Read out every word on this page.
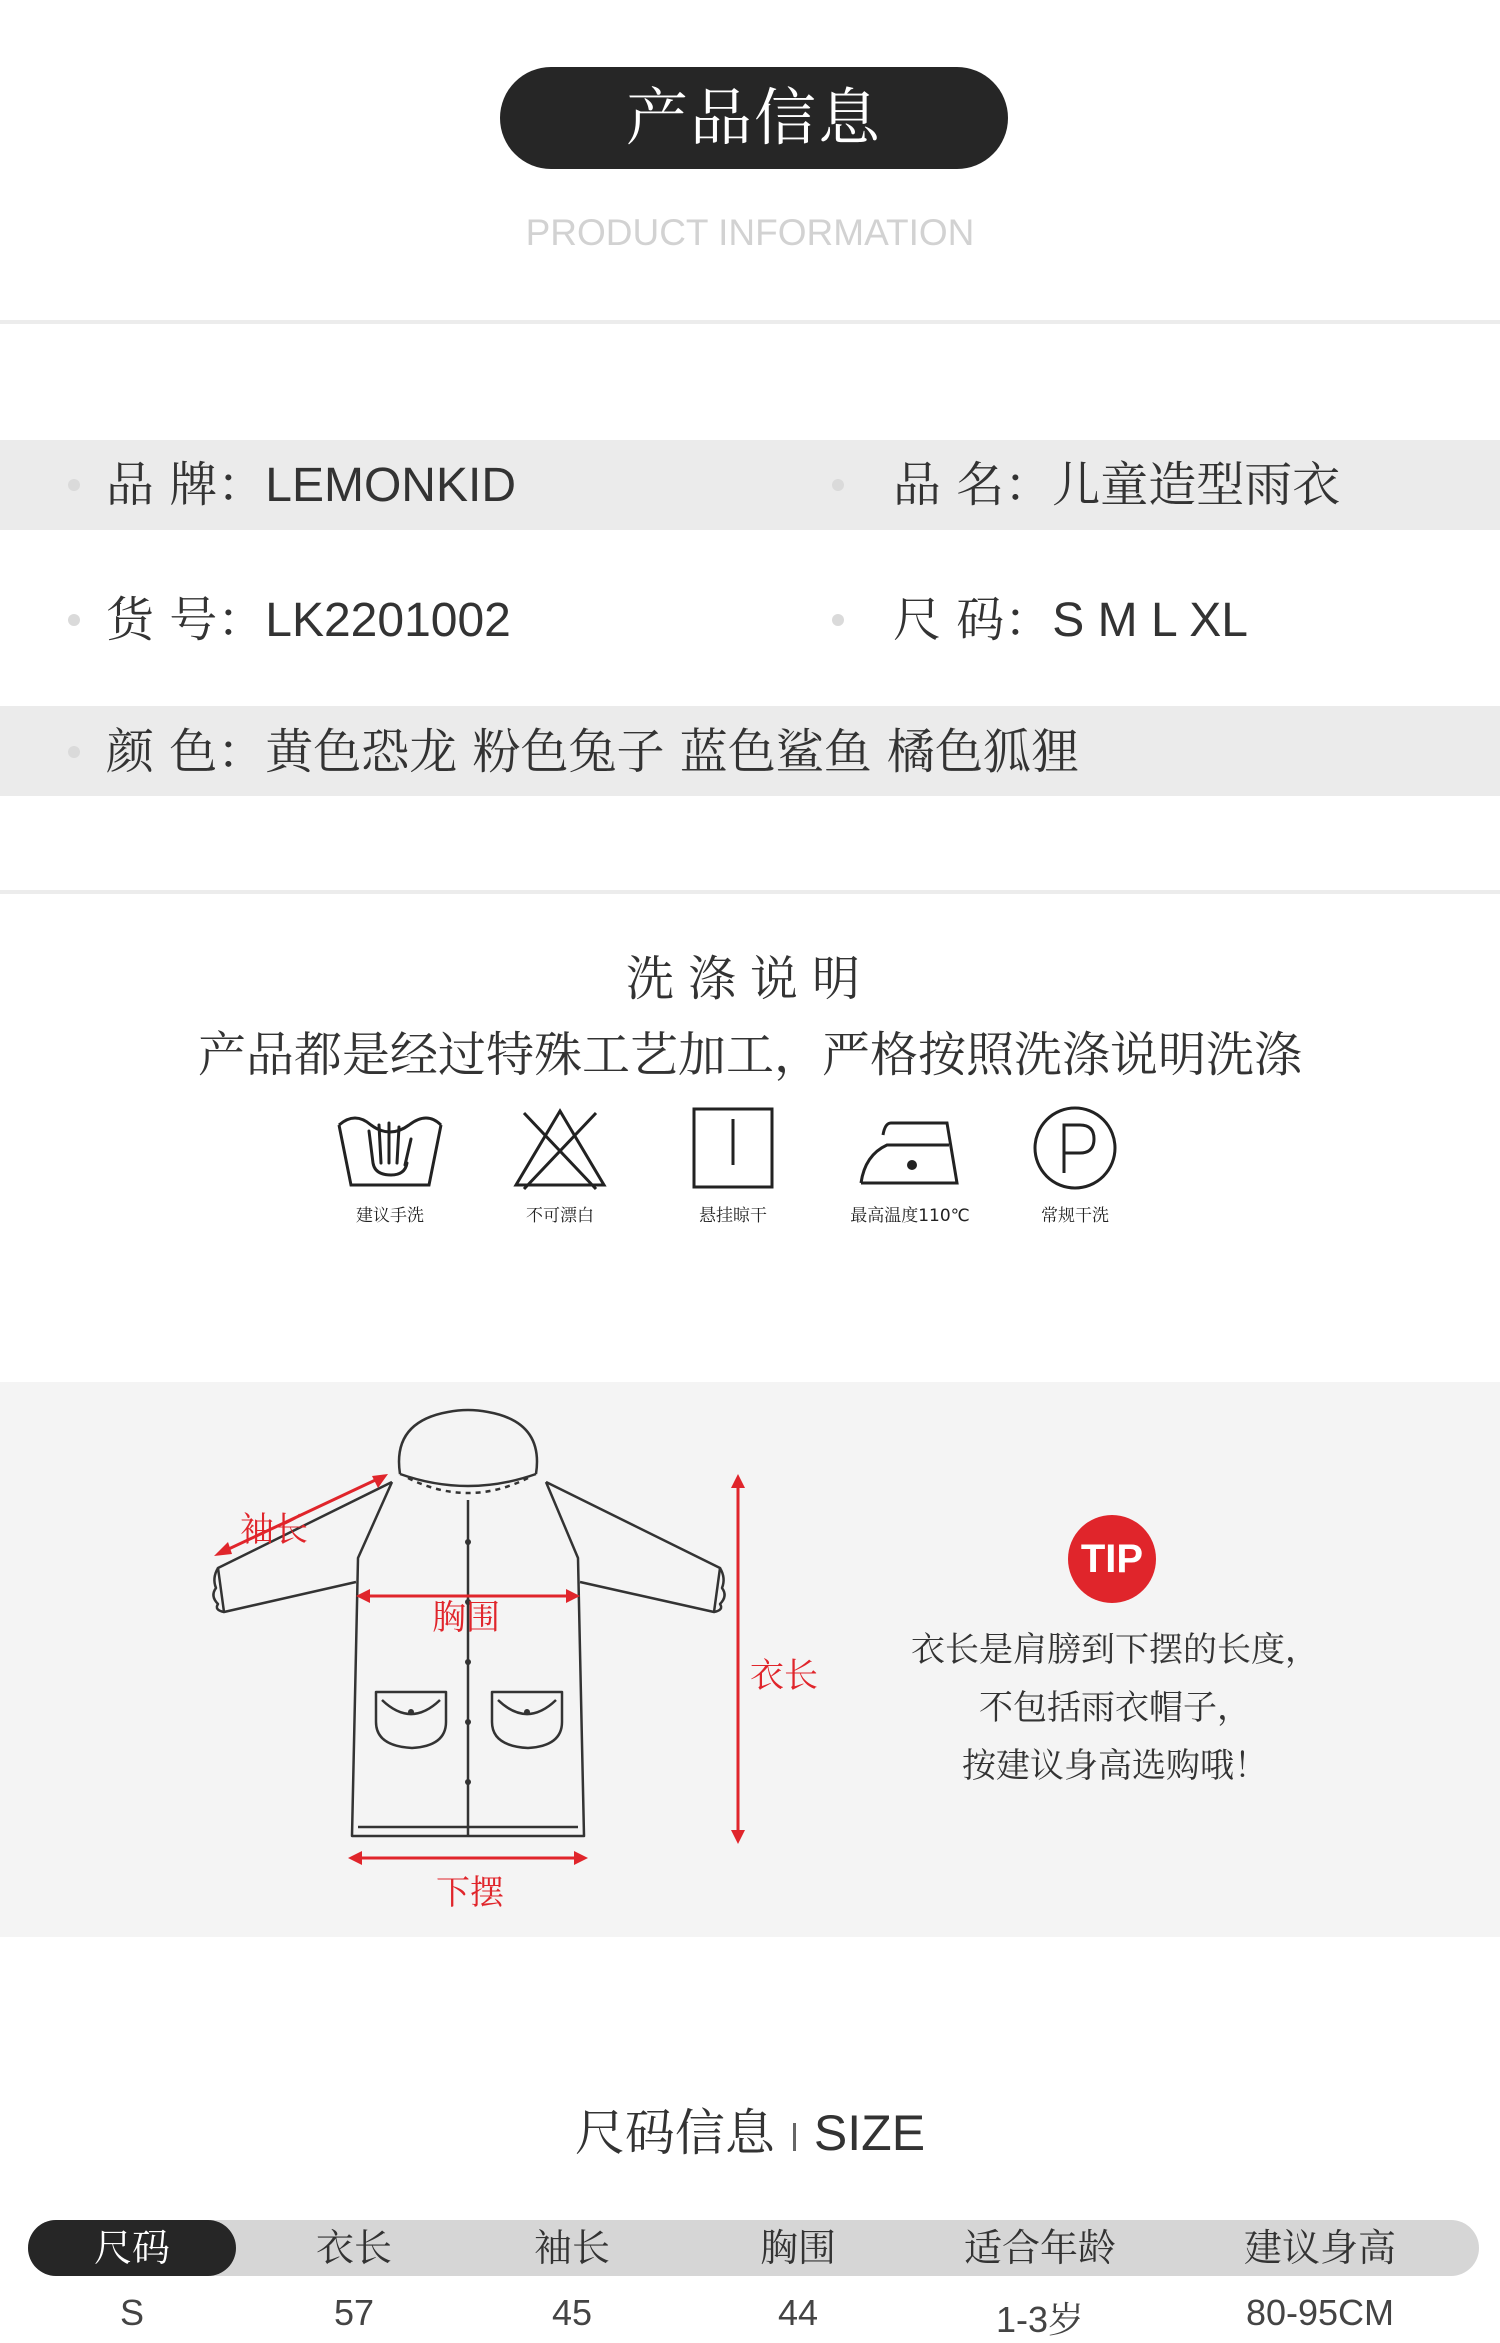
产品信息
PRODUCT INFORMATION
品 牌：LEMONKID	品 名：儿童造型雨衣
货 号：LK2201002	尺 码：S M L XL
颜 色：黄色恐龙 粉色兔子 蓝色鲨鱼 橘色狐狸
洗涤说明
产品都是经过特殊工艺加工，严格按照洗涤说明洗涤
建议手洗	不可漂白	悬挂晾干	最高温度110℃	常规干洗
袖长
胸围
衣长
下摆
TIP
衣长是肩膀到下摆的长度，
不包括雨衣帽子，
按建议身高选购哦！
尺码信息 SIZE
尺码	衣长	袖长	胸围	适合年龄	建议身高
S	57	45	44	1-3岁	80-95CM
